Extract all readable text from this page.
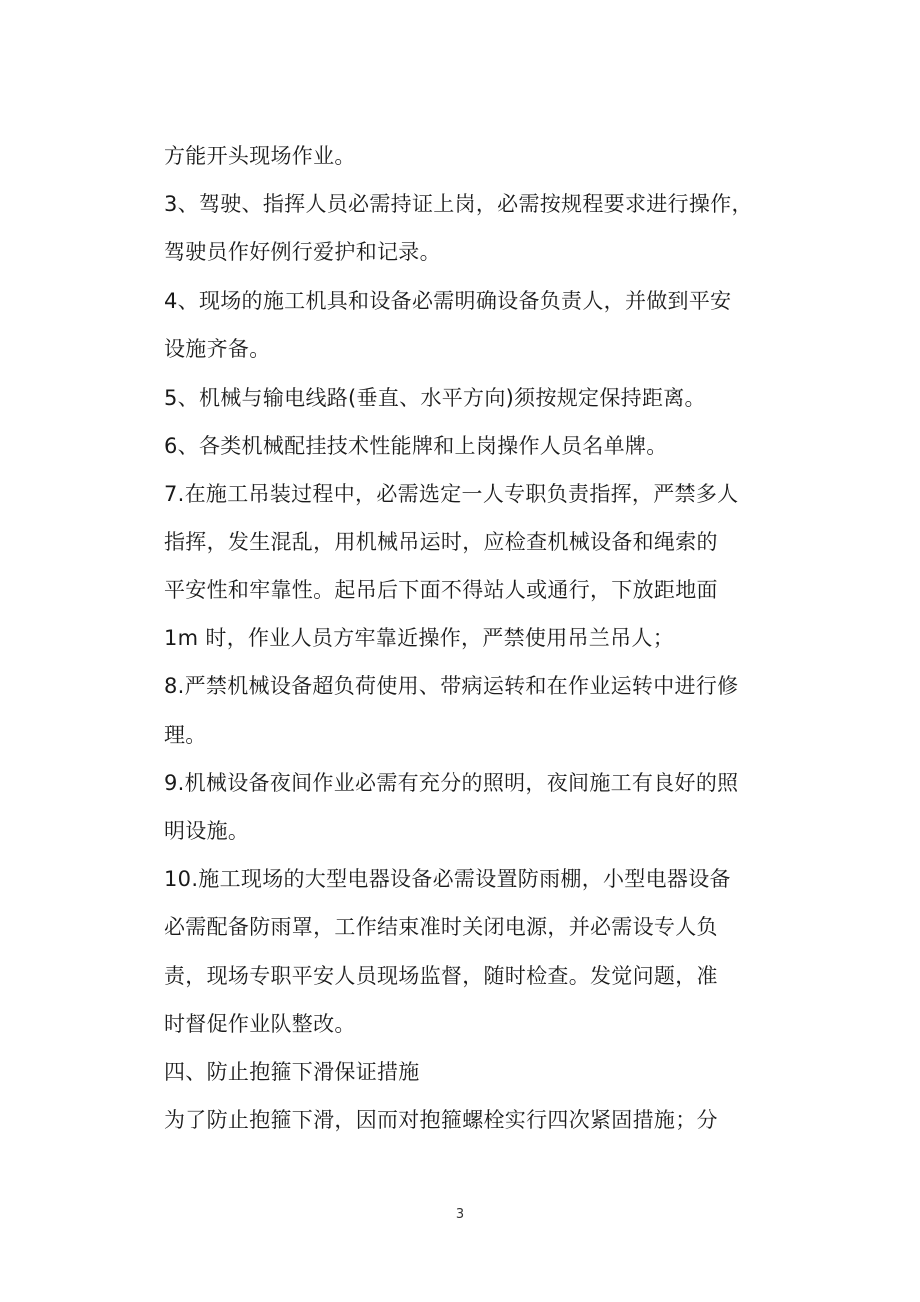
方能开头现场作业。
3、驾驶、指挥人员必需持证上岗，必需按规程要求进行操作，
驾驶员作好例行爱护和记录。
4、现场的施工机具和设备必需明确设备负责人，并做到平安
设施齐备。
5、机械与输电线路(垂直、水平方向)须按规定保持距离。
6、各类机械配挂技术性能牌和上岗操作人员名单牌。
7.在施工吊装过程中，必需选定一人专职负责指挥，严禁多人
指挥，发生混乱，用机械吊运时，应检查机械设备和绳索的
平安性和牢靠性。起吊后下面不得站人或通行，下放距地面
1m 时，作业人员方牢靠近操作，严禁使用吊兰吊人；
8.严禁机械设备超负荷使用、带病运转和在作业运转中进行修
理。
9.机械设备夜间作业必需有充分的照明，夜间施工有良好的照
明设施。
10.施工现场的大型电器设备必需设置防雨棚，小型电器设备
必需配备防雨罩，工作结束准时关闭电源，并必需设专人负
责，现场专职平安人员现场监督，随时检查。发觉问题，准
时督促作业队整改。
四、防止抱箍下滑保证措施
为了防止抱箍下滑，因而对抱箍螺栓实行四次紧固措施；分
3
